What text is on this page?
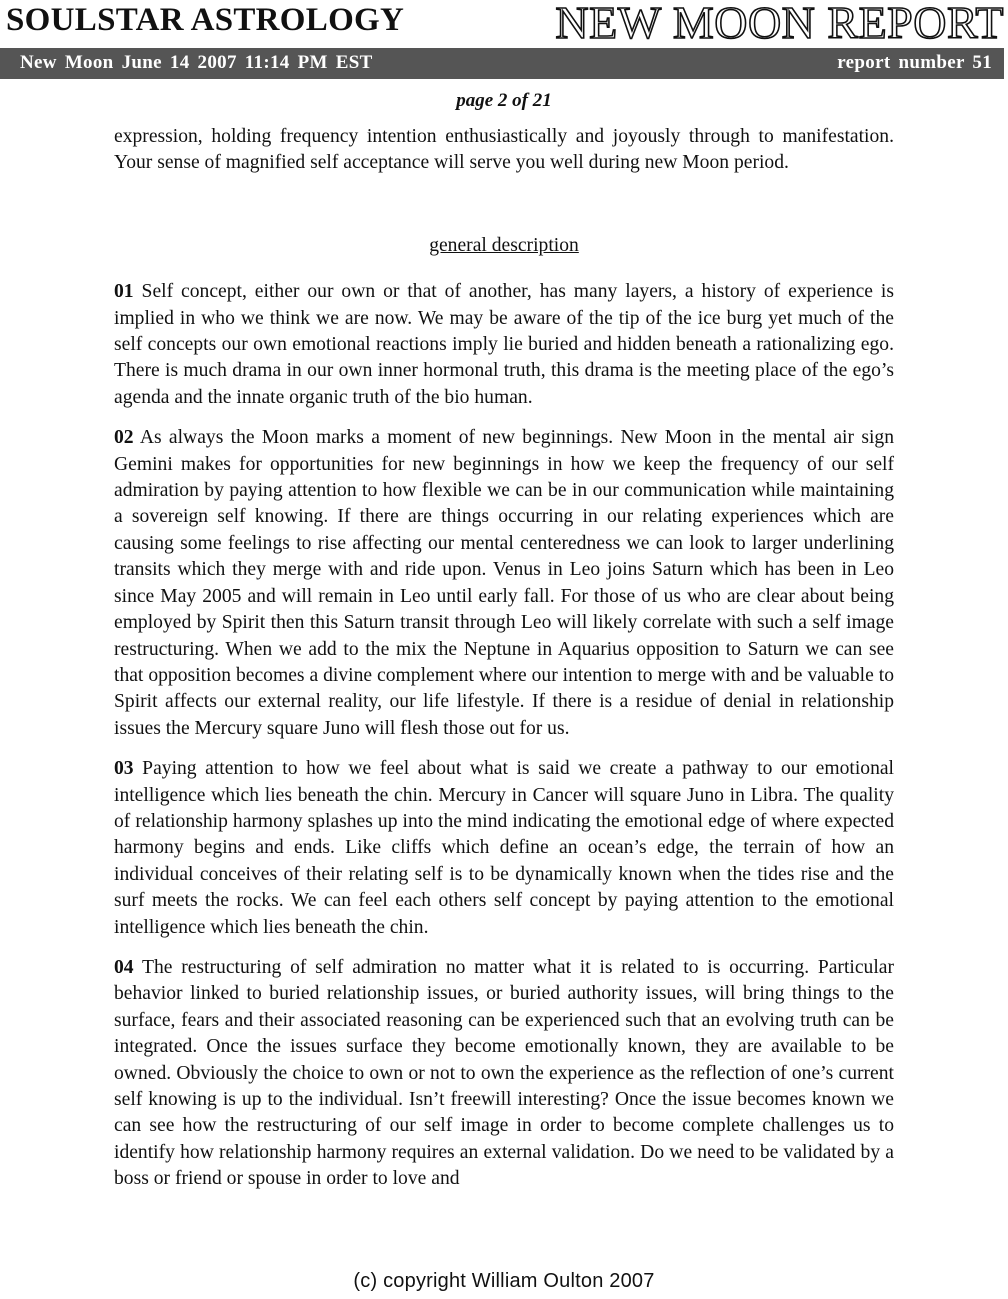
SOULSTAR ASTROLOGY	NEW MOON REPORT
New Moon June 14 2007 11:14 PM EST	report number 51
page 2 of 21

expression, holding frequency intention enthusiastically and joyously through to manifestation. Your sense of magnified self acceptance will serve you well during new Moon period.

general description

01 Self concept, either our own or that of another, has many layers, a history of experience is implied in who we think we are now. We may be aware of the tip of the ice burg yet much of the self concepts our own emotional reactions imply lie buried and hidden beneath a rationalizing ego. There is much drama in our own inner hormonal truth, this drama is the meeting place of the ego’s agenda and the innate organic truth of the bio human.

02 As always the Moon marks a moment of new beginnings. New Moon in the mental air sign Gemini makes for opportunities for new beginnings in how we keep the frequency of our self admiration by paying attention to how flexible we can be in our communication while maintaining a sovereign self knowing. If there are things occurring in our relating experiences which are causing some feelings to rise affecting our mental centeredness we can look to larger underlining transits which they merge with and ride upon. Venus in Leo joins Saturn which has been in Leo since May 2005 and will remain in Leo until early fall. For those of us who are clear about being employed by Spirit then this Saturn transit through Leo will likely correlate with such a self image restructuring. When we add to the mix the Neptune in Aquarius opposition to Saturn we can see that opposition becomes a divine complement where our intention to merge with and be valuable to Spirit affects our external reality, our life lifestyle. If there is a residue of denial in relationship issues the Mercury square Juno will flesh those out for us.

03 Paying attention to how we feel about what is said we create a pathway to our emotional intelligence which lies beneath the chin. Mercury in Cancer will square Juno in Libra. The quality of relationship harmony splashes up into the mind indicating the emotional edge of where expected harmony begins and ends. Like cliffs which define an ocean’s edge, the terrain of how an individual conceives of their relating self is to be dynamically known when the tides rise and the surf meets the rocks. We can feel each others self concept by paying attention to the emotional intelligence which lies beneath the chin.

04 The restructuring of self admiration no matter what it is related to is occurring. Particular behavior linked to buried relationship issues, or buried authority issues, will bring things to the surface, fears and their associated reasoning can be experienced such that an evolving truth can be integrated. Once the issues surface they become emotionally known, they are available to be owned. Obviously the choice to own or not to own the experience as the reflection of one’s current self knowing is up to the individual. Isn’t freewill interesting? Once the issue becomes known we can see how the restructuring of our self image in order to become complete challenges us to identify how relationship harmony requires an external validation. Do we need to be validated by a boss or friend or spouse in order to love and

(c) copyright William Oulton 2007
